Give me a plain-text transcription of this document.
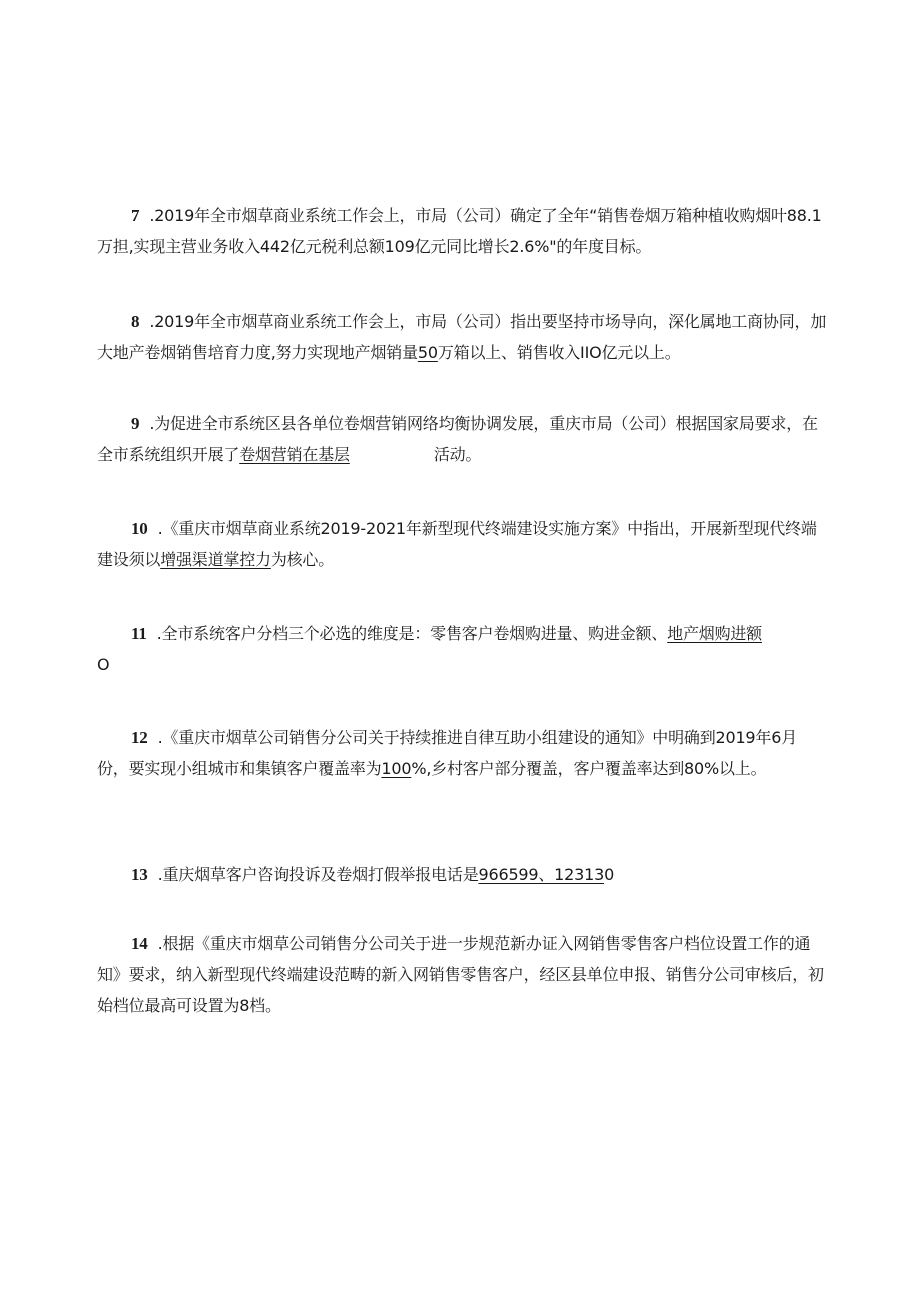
7 .2019年全市烟草商业系统工作会上，市局（公司）确定了全年“销售卷烟万箱种植收购烟叶88.1万担,实现主营业务收入442亿元税利总额109亿元同比增长2.6%"的年度目标。
8 .2019年全市烟草商业系统工作会上，市局（公司）指出要坚持市场导向，深化属地工商协同，加大地产卷烟销售培育力度,努力实现地产烟销量50万箱以上、销售收入IIO亿元以上。
9 .为促进全市系统区县各单位卷烟营销网络均衡协调发展，重庆市局（公司）根据国家局要求，在全市系统组织开展了卷烟营销在基层	活动。
10 .《重庆市烟草商业系统2019-2021年新型现代终端建设实施方案》中指出，开展新型现代终端建设须以增强渠道掌控力为核心。
11 .全市系统客户分档三个必选的维度是：零售客户卷烟购进量、购进金额、地产烟购进额
O
12 .《重庆市烟草公司销售分公司关于持续推进自律互助小组建设的通知》中明确到2019年6月份，要实现小组城市和集镇客户覆盖率为100%,乡村客户部分覆盖，客户覆盖率达到80%以上。
13 .重庆烟草客户咨询投诉及卷烟打假举报电话是966599、123130
14 .根据《重庆市烟草公司销售分公司关于进一步规范新办证入网销售零售客户档位设置工作的通知》要求，纳入新型现代终端建设范畴的新入网销售零售客户，经区县单位申报、销售分公司审核后，初始档位最高可设置为8档。
